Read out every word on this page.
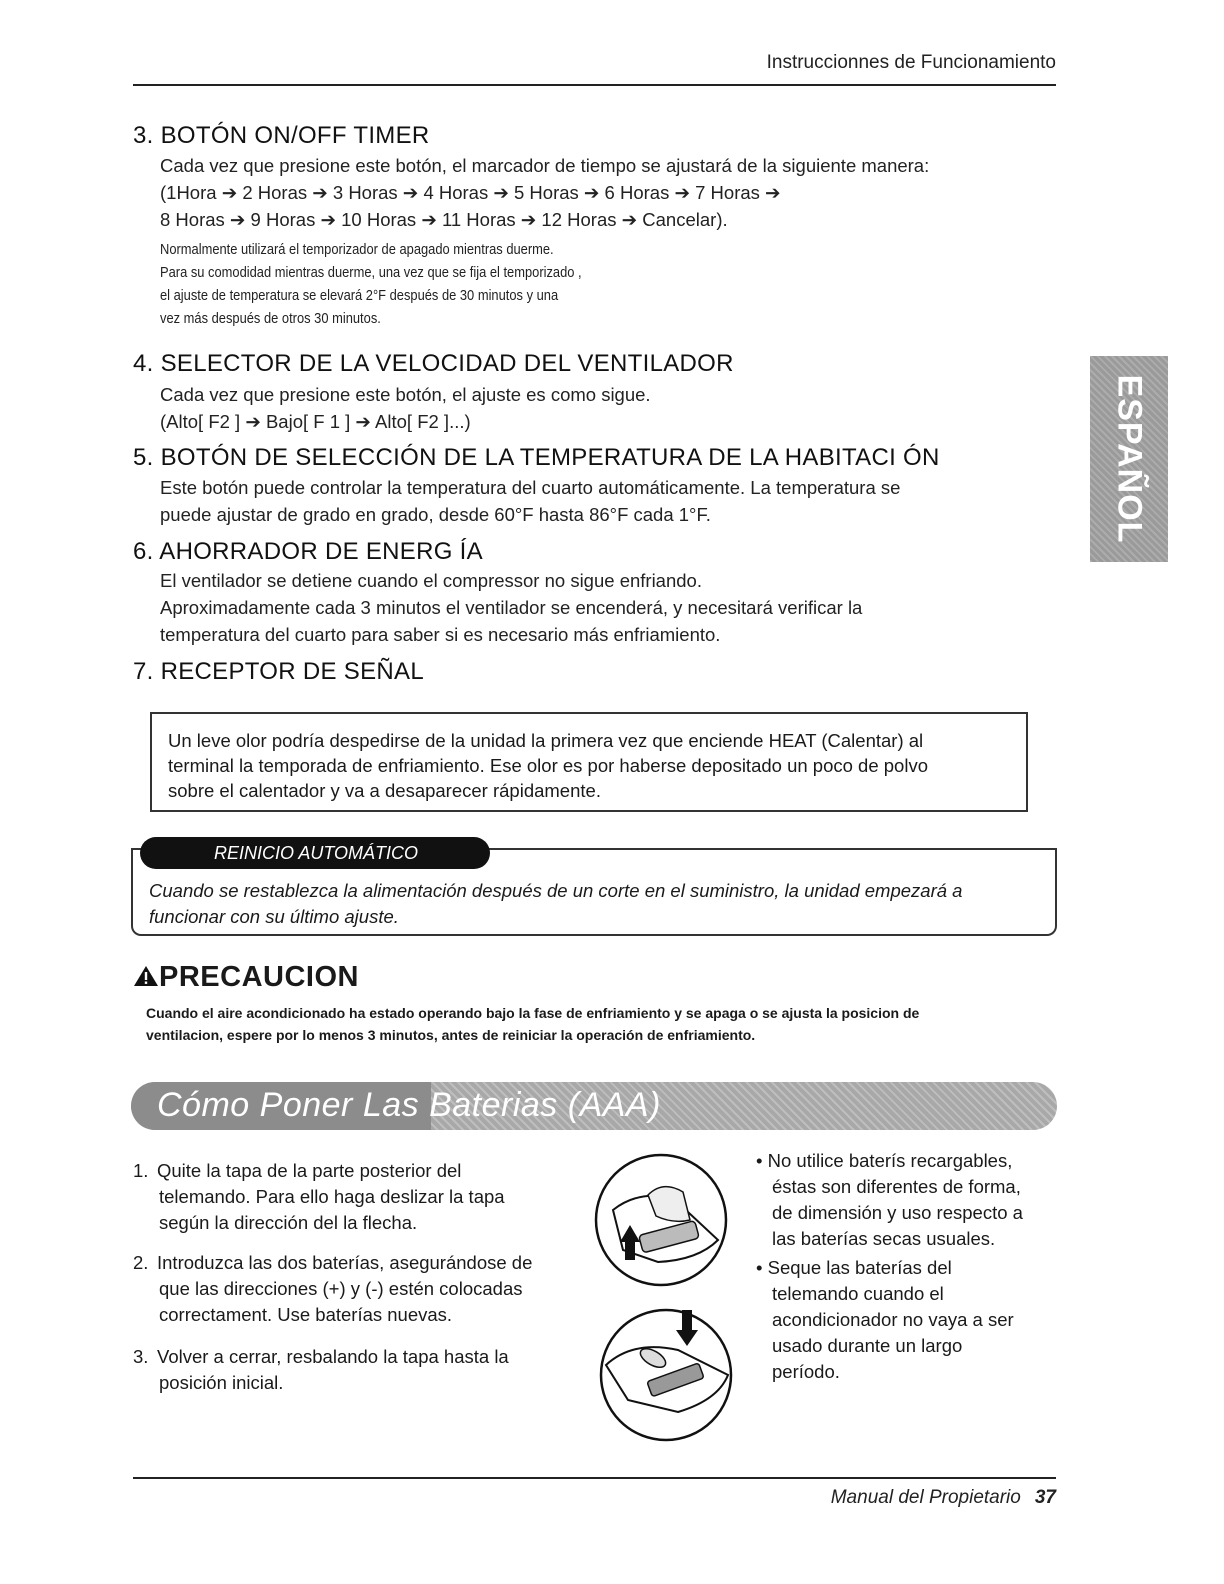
Instruccionnes de Funcionamiento
ESPAÑOL
3. BOTÓN ON/OFF TIMER
Cada vez que presione este botón, el marcador de tiempo se ajustará de la siguiente manera:
(1Hora ➔ 2 Horas ➔ 3 Horas ➔ 4 Horas ➔ 5 Horas ➔ 6 Horas ➔ 7 Horas ➔
8 Horas ➔ 9 Horas ➔ 10 Horas ➔ 11 Horas ➔ 12 Horas ➔ Cancelar).
Normalmente utilizará el temporizador de apagado mientras duerme.
Para su comodidad mientras duerme, una vez que se fija el temporizado ,
el ajuste de temperatura se elevará 2°F después de 30 minutos y una
vez más después de otros 30 minutos.
4. SELECTOR DE LA VELOCIDAD DEL VENTILADOR
Cada vez que presione este botón, el ajuste es como sigue.
(Alto[ F2 ] ➔ Bajo[ F 1 ] ➔ Alto[ F2 ]...)
5. BOTÓN DE SELECCIÓN DE LA TEMPERATURA DE LA HABITACI ÓN
Este botón puede controlar la temperatura del cuarto automáticamente. La temperatura se
puede ajustar de grado en grado, desde 60°F hasta 86°F cada 1°F.
6. AHORRADOR DE ENERG ÍA
El ventilador se detiene cuando el compressor no sigue enfriando.
Aproximadamente cada 3 minutos el ventilador se encenderá, y necesitará verificar la
temperatura del cuarto para saber si es necesario más enfriamiento.
7. RECEPTOR DE SEÑAL
Un leve olor podría despedirse de la unidad la primera vez que enciende HEAT (Calentar) al
terminal la temporada de enfriamiento. Ese olor es por haberse depositado un poco de polvo
sobre el calentador y va a desaparecer rápidamente.
Cuando se restablezca la alimentación después de un corte en el suministro, la unidad empezará a
funcionar con su último ajuste.
REINICIO AUTOMÁTICO
PRECAUCION
Cuando el aire acondicionado ha estado operando bajo la fase de enfriamiento y se apaga o se ajusta la posicion de
ventilacion, espere por lo menos 3 minutos, antes de reiniciar la operación de enfriamiento.
Cómo Poner Las Baterias (AAA)
1. Quite la tapa de la parte posterior del
telemando. Para ello haga deslizar la tapa
según la dirección del la flecha.
2. Introduzca las dos baterías, asegurándose de
que las direcciones (+) y (-) estén colocadas
correctament. Use baterías nuevas.
3. Volver a cerrar, resbalando la tapa hasta la
posición inicial.
• No utilice baterís recargables,
éstas son diferentes de forma,
de dimensión y uso respecto a
las baterías secas usuales.
• Seque las baterías del
telemando cuando el
acondicionador no vaya a ser
usado durante un largo
período.
Manual del Propietario 37
